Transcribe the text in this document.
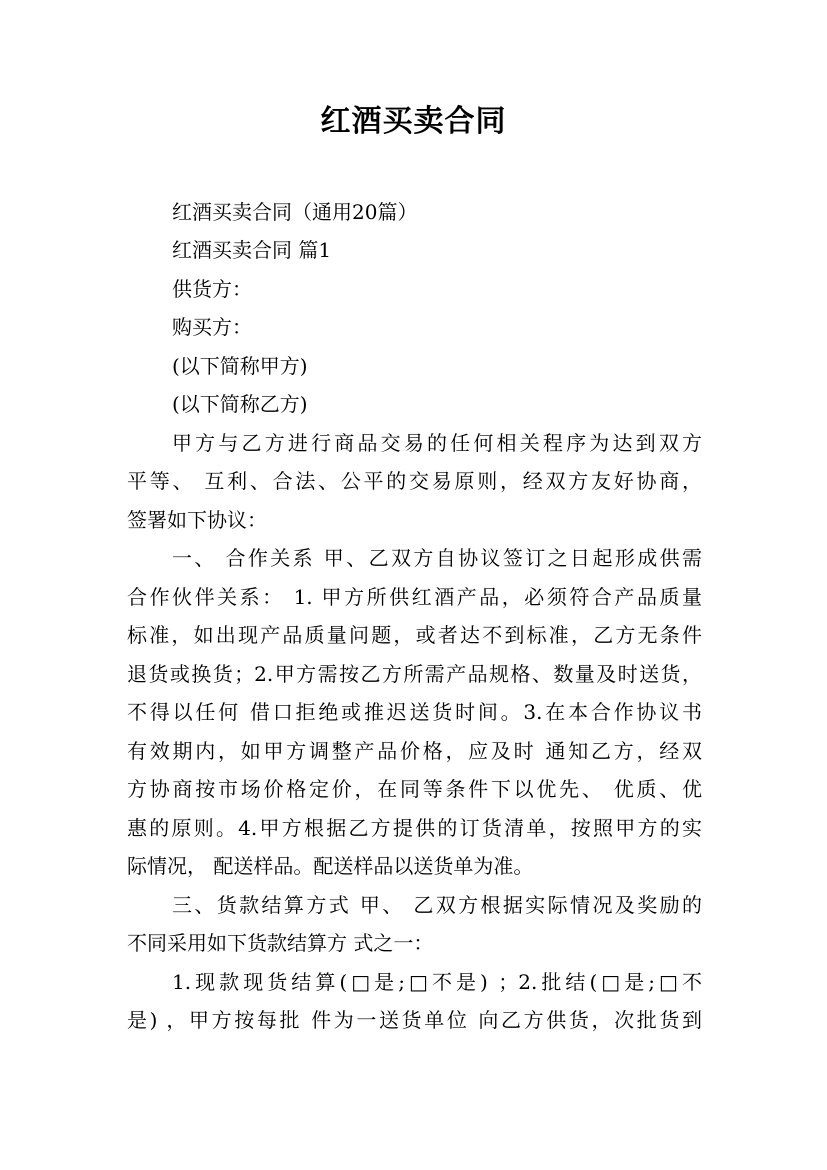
红酒买卖合同
红酒买卖合同（通用20篇）
红酒买卖合同 篇1
供货方：
购买方：
(以下简称甲方)
(以下简称乙方)
甲方与乙方进行商品交易的任何相关程序为达到双方
平等、 互利、合法、公平的交易原则，经双方友好协商，
签署如下协议：
一、 合作关系 甲、乙双方自协议签订之日起形成供需
合作伙伴关系： 1. 甲方所供红酒产品，必须符合产品质量
标准，如出现产品质量问题，或者达不到标准，乙方无条件
退货或换货；2.甲方需按乙方所需产品规格、数量及时送货，
不得以任何 借口拒绝或推迟送货时间。3.在本合作协议书
有效期内，如甲方调整产品价格，应及时 通知乙方，经双
方协商按市场价格定价，在同等条件下以优先、 优质、优
惠的原则。4.甲方根据乙方提供的订货清单，按照甲方的实
际情况， 配送样品。配送样品以送货单为准。
三、货款结算方式 甲、 乙双方根据实际情况及奖励的
不同采用如下货款结算方 式之一：
1.现款现货结算(□是;□不是) ；2.批结(□是;□不
是) ，甲方按每批 件为一送货单位 向乙方供货，次批货到
